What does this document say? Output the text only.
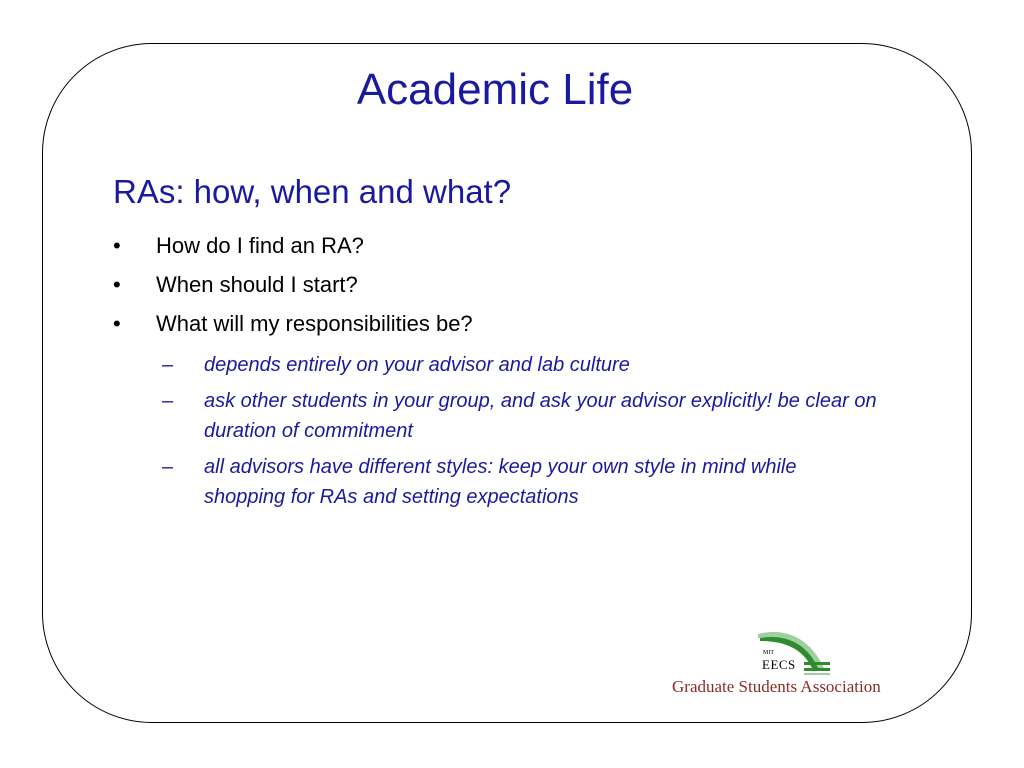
Academic Life
RAs: how, when and what?
•	How do I find an RA?
•	When should I start?
•	What will my responsibilities be?
– depends entirely on your advisor and lab culture
– ask other students in your group, and ask your advisor explicitly! be clear on duration of commitment
– all advisors have different styles: keep your own style in mind while shopping for RAs and setting expectations
MIT
EECS
Graduate Students Association
